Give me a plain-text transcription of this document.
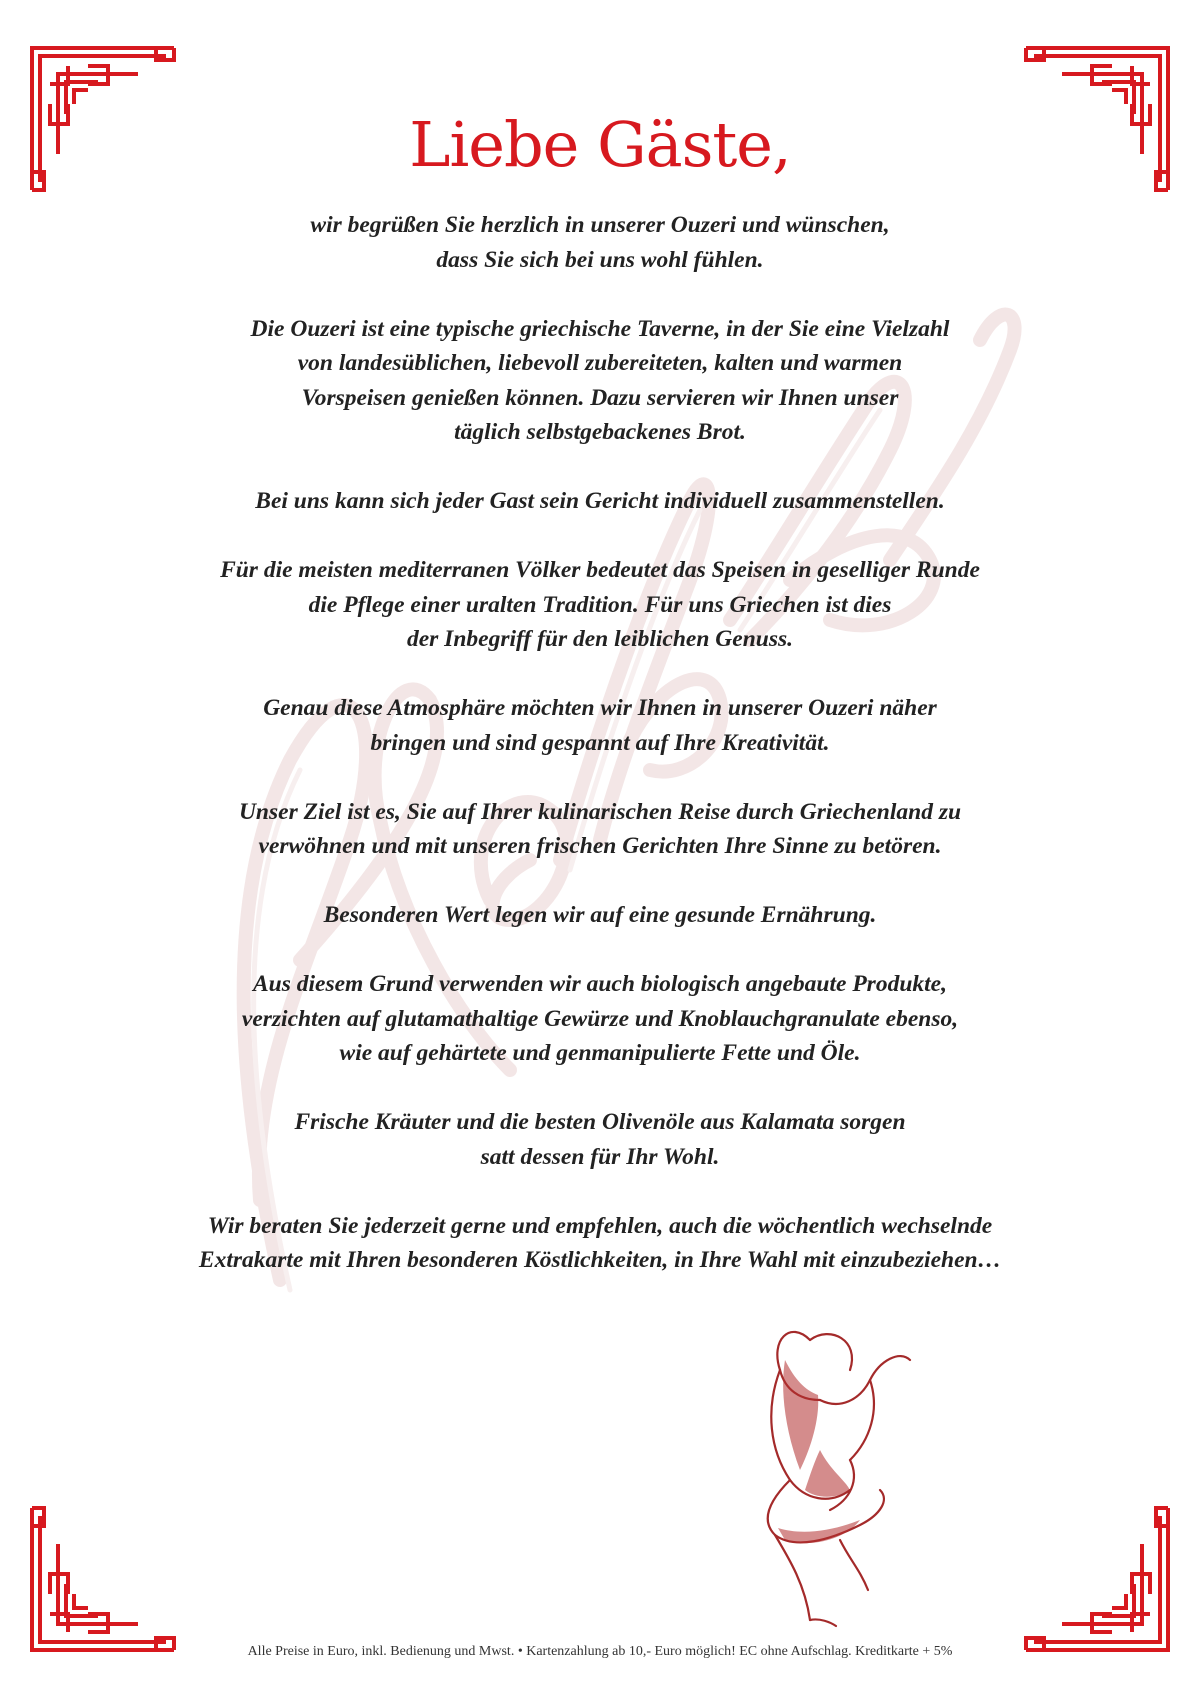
Liebe Gäste,
wir begrüßen Sie herzlich in unserer Ouzeri und wünschen,
dass Sie sich bei uns wohl fühlen.
Die Ouzeri ist eine typische griechische Taverne, in der Sie eine Vielzahl
von landesüblichen, liebevoll zubereiteten, kalten und warmen
Vorspeisen genießen können. Dazu servieren wir Ihnen unser
täglich selbstgebackenes Brot.
Bei uns kann sich jeder Gast sein Gericht individuell zusammenstellen.
Für die meisten mediterranen Völker bedeutet das Speisen in geselliger Runde
die Pflege einer uralten Tradition. Für uns Griechen ist dies
der Inbegriff für den leiblichen Genuss.
Genau diese Atmosphäre möchten wir Ihnen in unserer Ouzeri näher
bringen und sind gespannt auf Ihre Kreativität.
Unser Ziel ist es, Sie auf Ihrer kulinarischen Reise durch Griechenland zu
verwöhnen und mit unseren frischen Gerichten Ihre Sinne zu betören.
Besonderen Wert legen wir auf eine gesunde Ernährung.
Aus diesem Grund verwenden wir auch biologisch angebaute Produkte,
verzichten auf glutamathaltige Gewürze und Knoblauchgranulate ebenso,
wie auf gehärtete und genmanipulierte Fette und Öle.
Frische Kräuter und die besten Olivenöle aus Kalamata sorgen
satt dessen für Ihr Wohl.
Wir beraten Sie jederzeit gerne und empfehlen, auch die wöchentlich wechselnde
Extrakarte mit Ihren besonderen Köstlichkeiten, in Ihre Wahl mit einzubeziehen…
Alle Preise in Euro, inkl. Bedienung und Mwst. • Kartenzahlung ab 10,- Euro möglich! EC ohne Aufschlag. Kreditkarte + 5%
